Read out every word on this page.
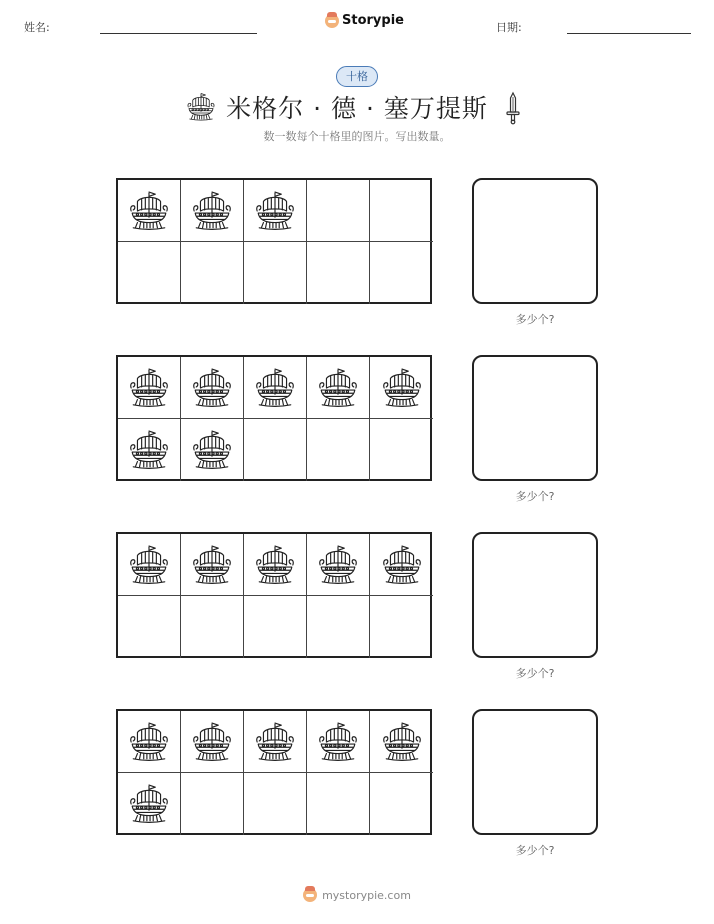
姓名:	Storypie	日期:
十格
米格尔 · 德 · 塞万提斯
数一数每个十格里的图片。写出数量。
多少个?
多少个?
多少个?
多少个?
mystorypie.com
